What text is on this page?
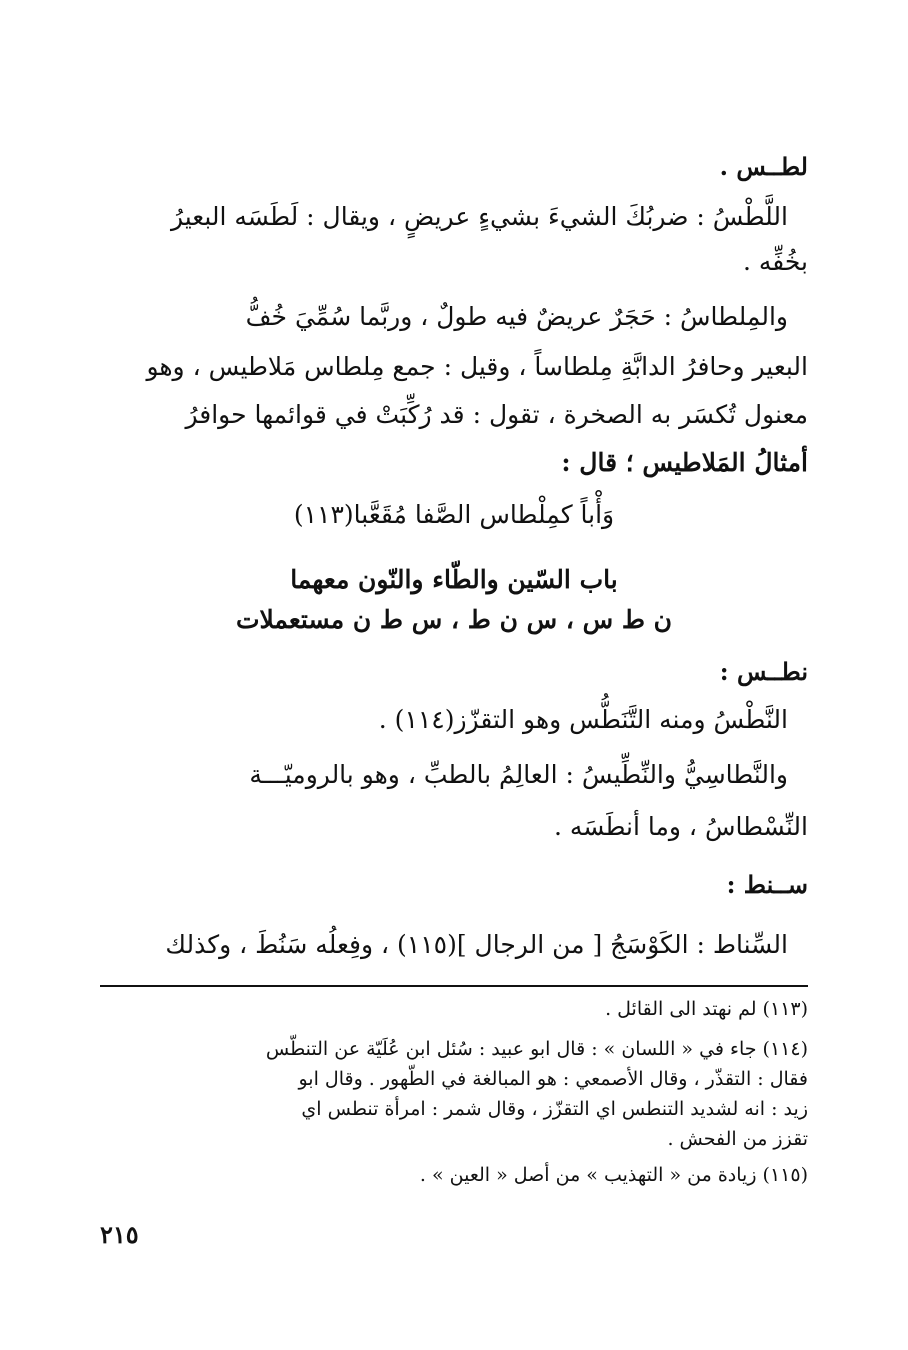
لطــس .
اللَّطْسُ : ضربُكَ الشيءَ بشيءٍ عريضٍ ، ويقال : لَطَسَه البعيرُ
بخُفِّه .
والمِلطاسُ : حَجَرٌ عريضٌ فيه طولٌ ، وربَّما سُمِّيَ خُفُّ
البعير وحافرُ الدابَّةِ مِلطاساً ، وقيل : جمع مِلطاس مَلاطيس ، وهو
معنول تُكسَر به الصخرة ، تقول : قد رُكِّبَتْ في قوائمها حوافرُ
أمثالُ المَلاطيس ؛ قال :
وَأْباً كمِلْطاس الصَّفا مُقَعَّبا(١١٣)
باب السّين والطّاء والنّون معهما
ن ط س ، س ن ط ، س ط ن مستعملات
نطــس :
النَّطْسُ ومنه التَّنَطُّس وهو التقزّز(١١٤) .
والنَّطاسِيُّ والنِّطِّيسُ : العالِمُ بالطبِّ ، وهو بالروميّـــة
النِّسْطاسُ ، وما أنطَسَه .
ســنط :
السِّناط : الكَوْسَجُ [ من الرجال ](١١٥) ، وفِعلُه سَنُطَ ، وكذلك
(١١٣) لم نهتد الى القائل .
(١١٤) جاء في « اللسان » : قال ابو عبيد : سُئل ابن عُلَيّة عن التنطّس
فقال : التقذّر ، وقال الأصمعي : هو المبالغة في الطّهور . وقال ابو
زيد : انه لشديد التنطس اي التقزّز ، وقال شمر : امرأة تنطس اي
تقزز من الفحش .
(١١٥) زيادة من « التهذيب » من أصل « العين » .
٢١٥
